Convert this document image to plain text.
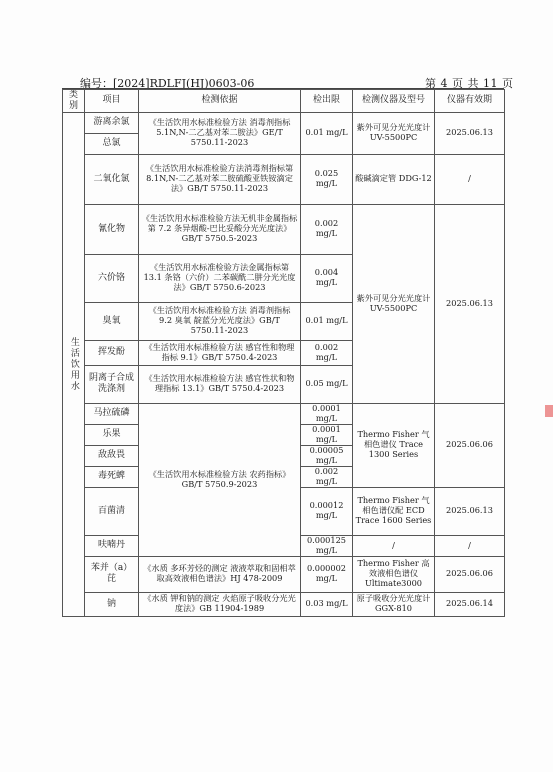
编号：[2024]RDLFJ(HJ)0603-06	第 4 页 共 11 页
类别	项目	检测依据	检出限	检测仪器及型号	仪器有效期
生活饮用水	游离余氯	《生活饮用水标准检验方法 消毒剂指标 5.1N,N-二乙基对苯二胺法》GE/T 5750.11-2023	0.01 mg/L	紫外可见分光光度计 UV-5500PC	2025.06.13
	总氯				
	二氧化氯	《生活饮用水标准检验方法消毒剂指标第 8.1N,N-二乙基对苯二胺硫酸亚铁铵滴定法》GB/T 5750.11-2023	0.025 mg/L	酸碱滴定管 DDG-12	/
	氰化物	《生活饮用水标准检验方法无机非金属指标 第 7.2 条异烟酸-巴比妥酸分光光度法》GB/T 5750.5-2023	0.002 mg/L	紫外可见分光光度计 UV-5500PC	2025.06.13
	六价铬	《生活饮用水标准检验方法金属指标第 13.1 条铬（六价）二苯碳酰二肼分光光度法》GB/T 5750.6-2023	0.004 mg/L		
	臭氧	《生活饮用水标准检验方法 消毒剂指标 9.2 臭氧 靛蓝分光光度法》GB/T 5750.11-2023	0.01 mg/L		
	挥发酚	《生活饮用水标准检验方法 感官性和物理指标 9.1》GB/T 5750.4-2023	0.002 mg/L		
	阴离子合成洗涤剂	《生活饮用水标准检验方法 感官性状和物理指标 13.1》GB/T 5750.4-2023	0.05 mg/L		
	马拉硫磷	《生活饮用水标准检验方法 农药指标》GB/T 5750.9-2023	0.0001 mg/L	Thermo Fisher 气相色谱仪 Trace 1300 Series	2025.06.06
	乐果		0.0001 mg/L		
	敌敌畏		0.00005 mg/L		
	毒死蜱		0.002 mg/L		
	百菌清		0.00012 mg/L	Thermo Fisher 气相色谱仪配 ECD Trace 1600 Series	2025.06.13
	呋喃丹		0.000125 mg/L	/	/
	苯并（a）芘	《水质 多环芳烃的测定 液液萃取和固相萃取高效液相色谱法》HJ 478-2009	0.000002 mg/L	Thermo Fisher 高效液相色谱仪 Ultimate3000	2025.06.06
	钠	《水质 钾和钠的测定 火焰原子吸收分光光度法》GB 11904-1989	0.03 mg/L	原子吸收分光光度计 GGX-810	2025.06.14
